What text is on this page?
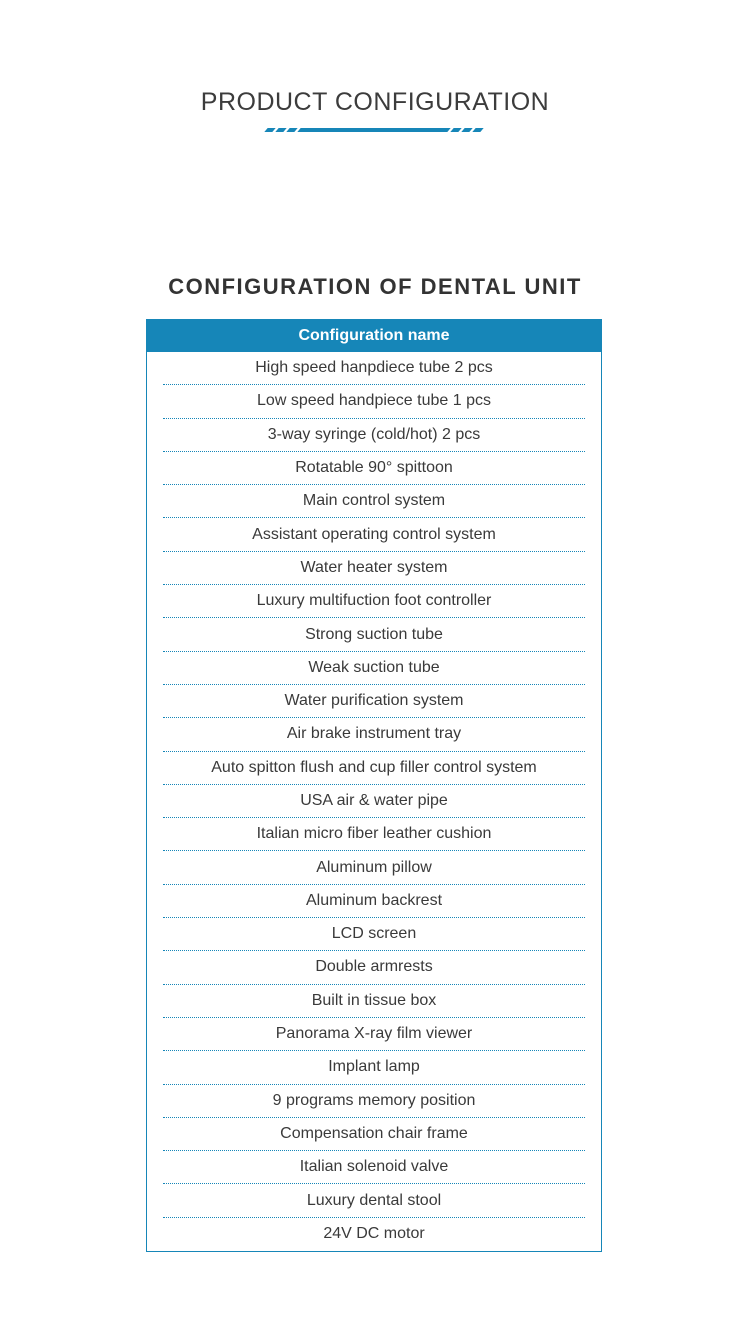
PRODUCT CONFIGURATION
CONFIGURATION OF DENTAL UNIT
Configuration name
High speed hanpdiece tube 2 pcs
Low speed handpiece tube 1 pcs
3-way syringe (cold/hot) 2 pcs
Rotatable 90° spittoon
Main control system
Assistant operating control system
Water heater system
Luxury multifuction foot controller
Strong suction tube
Weak suction tube
Water purification system
Air brake instrument tray
Auto spitton flush and cup filler control system
USA air & water pipe
Italian micro fiber leather cushion
Aluminum pillow
Aluminum backrest
LCD screen
Double armrests
Built in tissue box
Panorama X-ray film viewer
Implant lamp
9 programs memory position
Compensation chair frame
Italian solenoid valve
Luxury dental stool
24V DC motor
